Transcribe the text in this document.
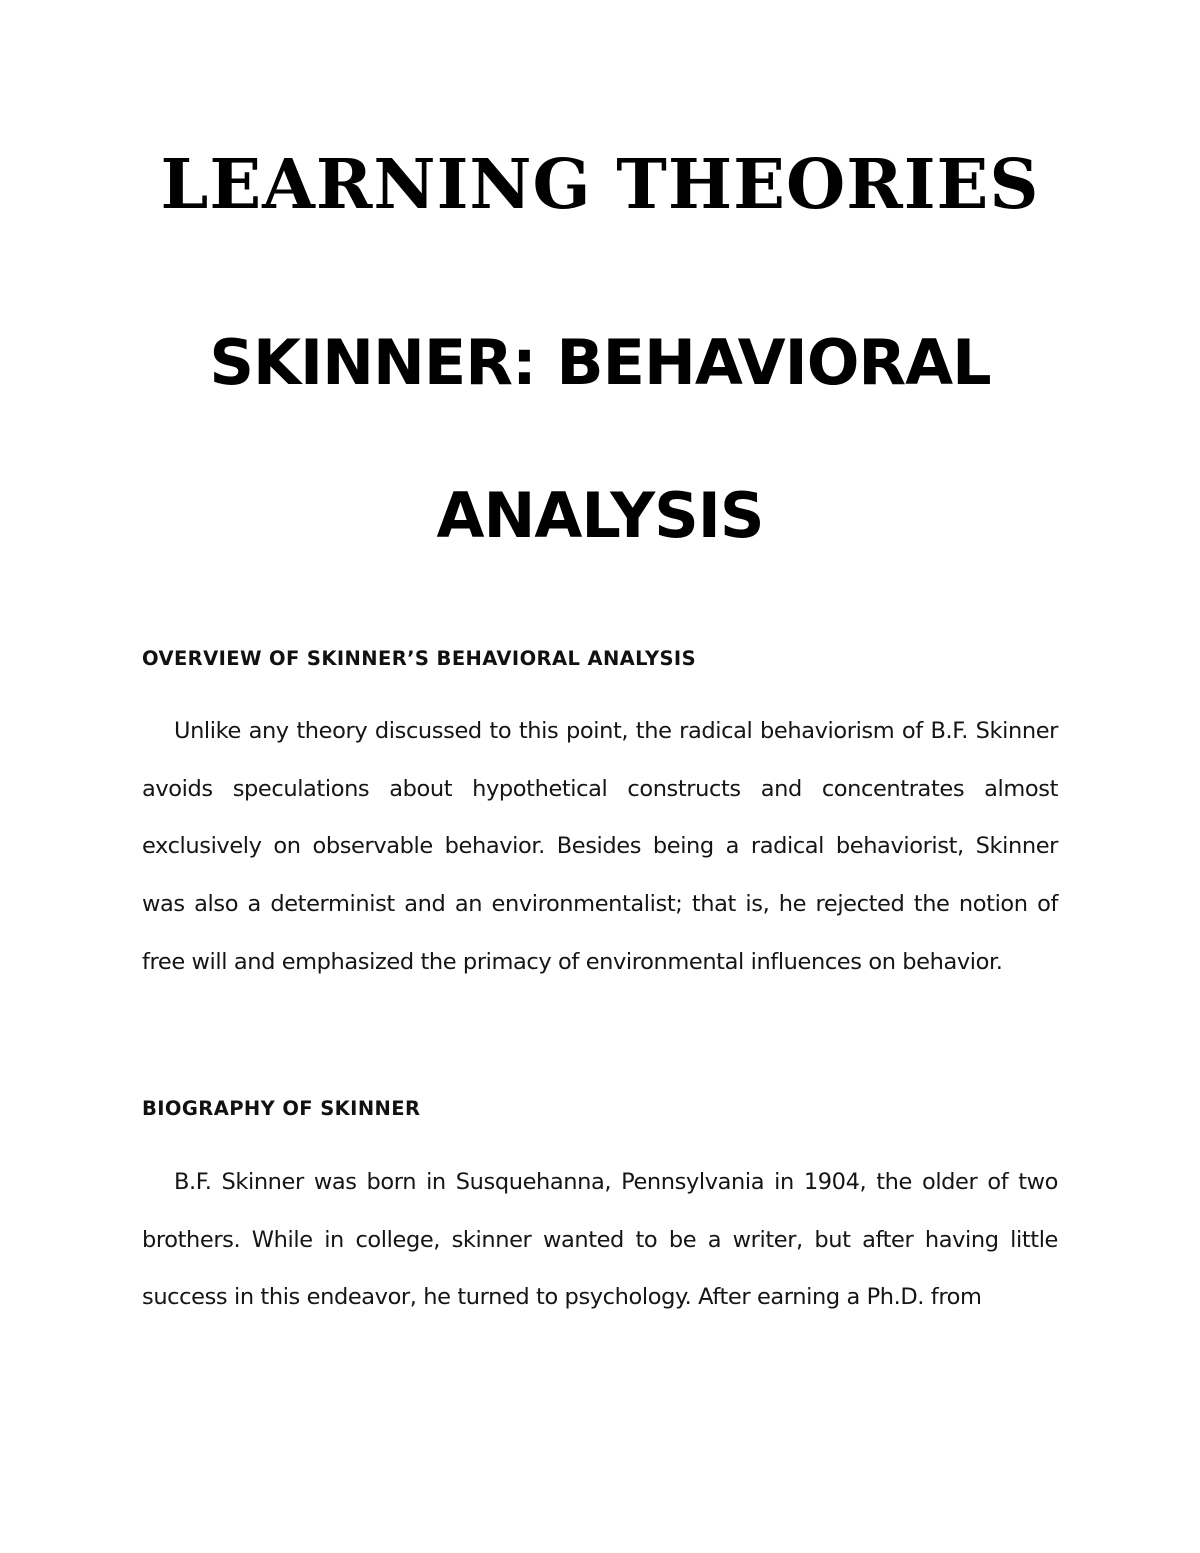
LEARNING THEORIES
SKINNER: BEHAVIORAL
ANALYSIS
OVERVIEW OF SKINNER’S BEHAVIORAL ANALYSIS

Unlike any theory discussed to this point, the radical behaviorism of B.F. Skinner avoids speculations about hypothetical constructs and concentrates almost exclusively on observable behavior. Besides being a radical behaviorist, Skinner was also a determinist and an environmentalist; that is, he rejected the notion of free will and emphasized the primacy of environmental influences on behavior.

BIOGRAPHY OF SKINNER

B.F. Skinner was born in Susquehanna, Pennsylvania in 1904, the older of two brothers. While in college, skinner wanted to be a writer, but after having little success in this endeavor, he turned to psychology. After earning a Ph.D. from
